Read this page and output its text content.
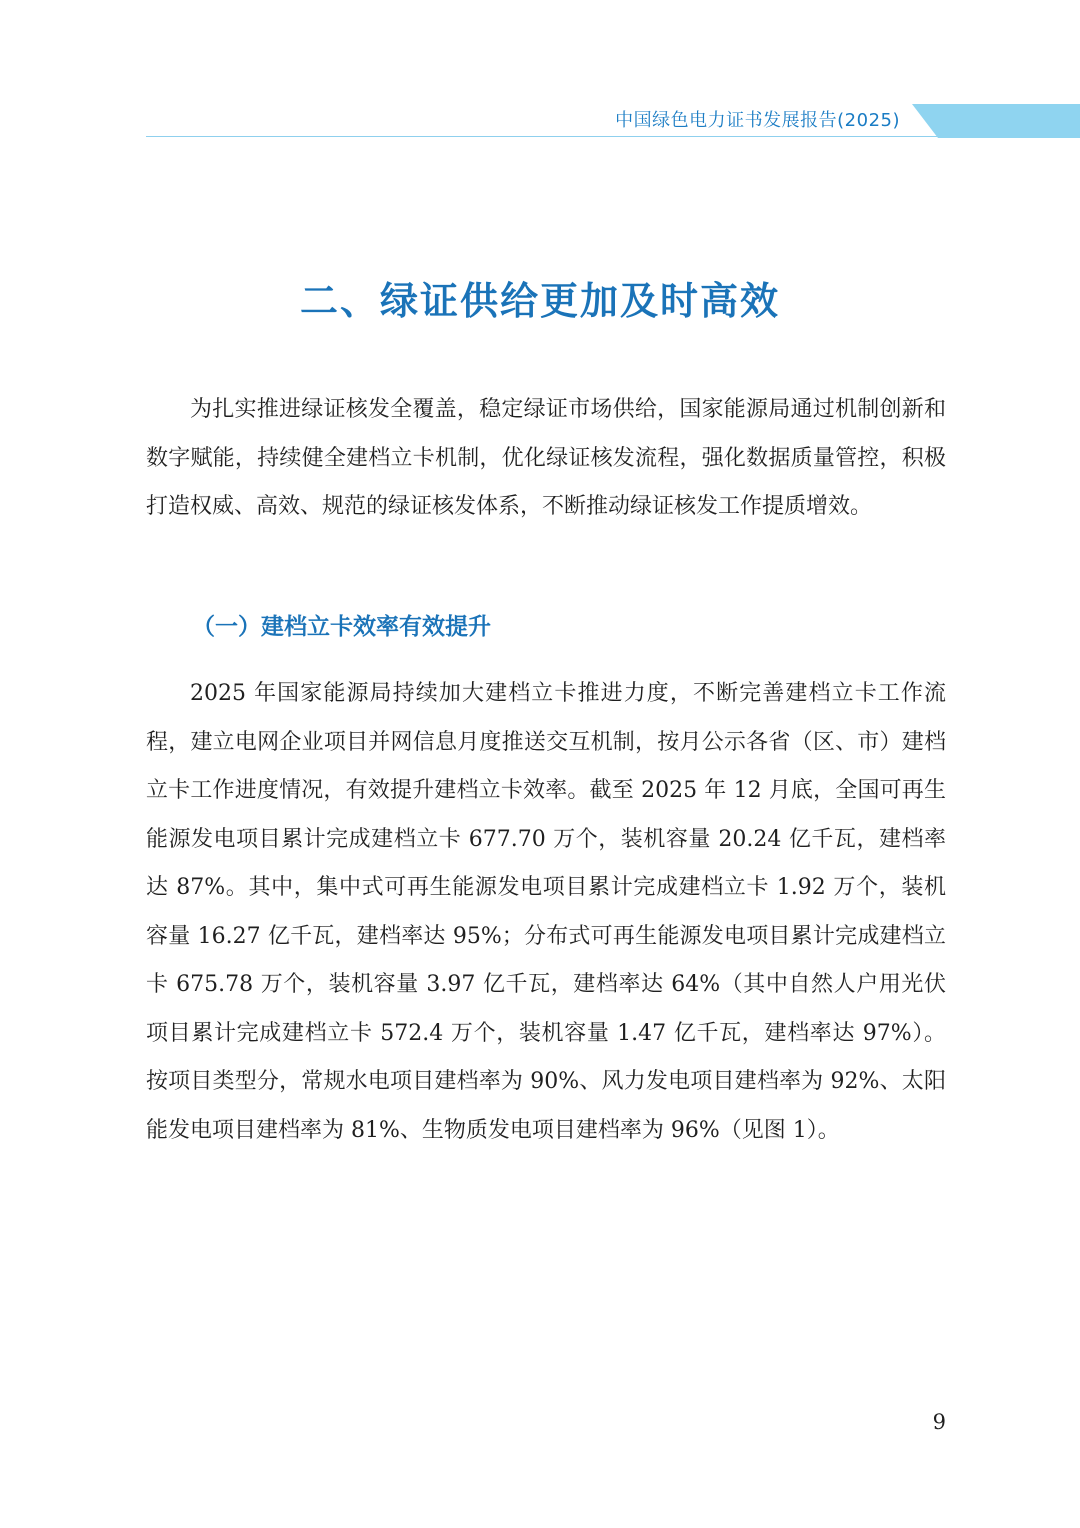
中国绿色电力证书发展报告(2025)
二、绿证供给更加及时高效

为扎实推进绿证核发全覆盖，稳定绿证市场供给，国家能源局通过机制创新和数字赋能，持续健全建档立卡机制，优化绿证核发流程，强化数据质量管控，积极打造权威、高效、规范的绿证核发体系，不断推动绿证核发工作提质增效。

（一）建档立卡效率有效提升

2025 年国家能源局持续加大建档立卡推进力度，不断完善建档立卡工作流程，建立电网企业项目并网信息月度推送交互机制，按月公示各省（区、市）建档立卡工作进度情况，有效提升建档立卡效率。截至 2025 年 12 月底，全国可再生能源发电项目累计完成建档立卡 677.70 万个，装机容量 20.24 亿千瓦，建档率达 87%。其中，集中式可再生能源发电项目累计完成建档立卡 1.92 万个，装机容量 16.27 亿千瓦，建档率达 95%；分布式可再生能源发电项目累计完成建档立卡 675.78 万个，装机容量 3.97 亿千瓦，建档率达 64%（其中自然人户用光伏项目累计完成建档立卡 572.4 万个，装机容量 1.47 亿千瓦，建档率达 97%）。按项目类型分，常规水电项目建档率为 90%、风力发电项目建档率为 92%、太阳能发电项目建档率为 81%、生物质发电项目建档率为 96%（见图 1）。

9
